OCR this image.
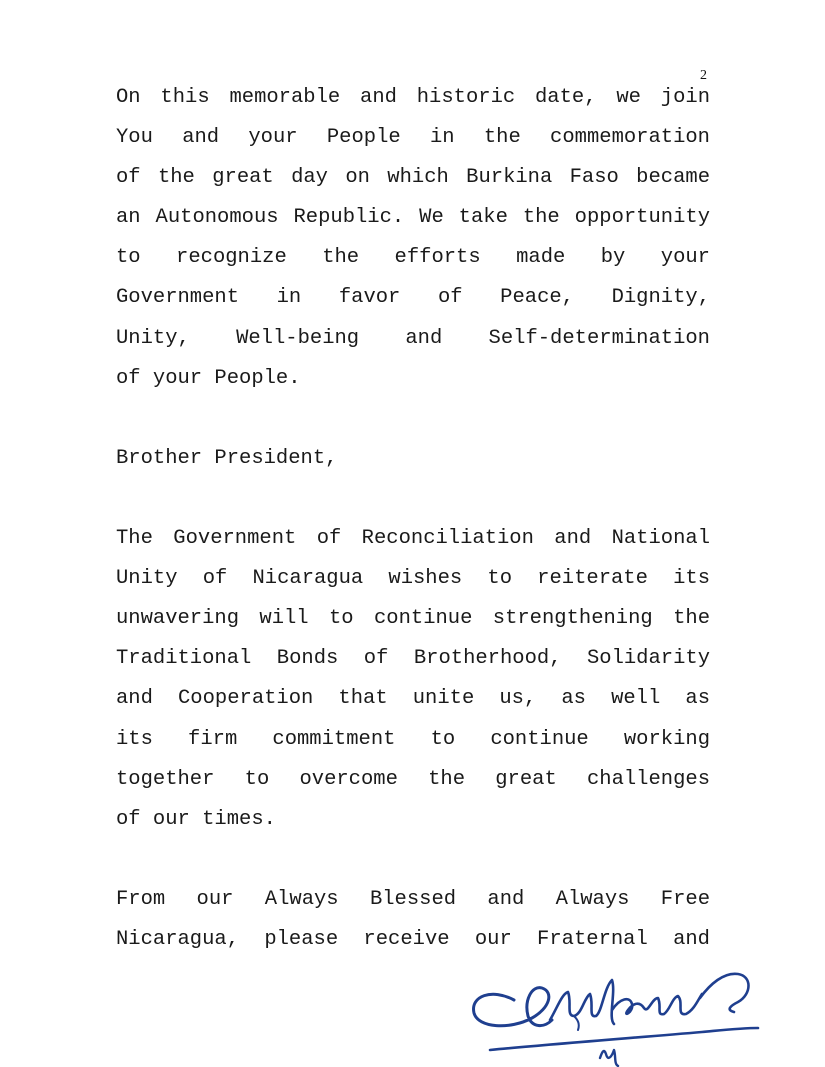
2

On this memorable and historic date, we join
You and your People in the commemoration
of the great day on which Burkina Faso became
an Autonomous Republic. We take the opportunity
to recognize the efforts made by your
Government in favor of Peace, Dignity,
Unity, Well-being and Self-determination
of your People.

Brother President,

The Government of Reconciliation and National
Unity of Nicaragua wishes to reiterate its
unwavering will to continue strengthening the
Traditional Bonds of Brotherhood, Solidarity
and Cooperation that unite us, as well as
its firm commitment to continue working
together to overcome the great challenges
of our times.

From our Always Blessed and Always Free
Nicaragua, please receive our Fraternal and
